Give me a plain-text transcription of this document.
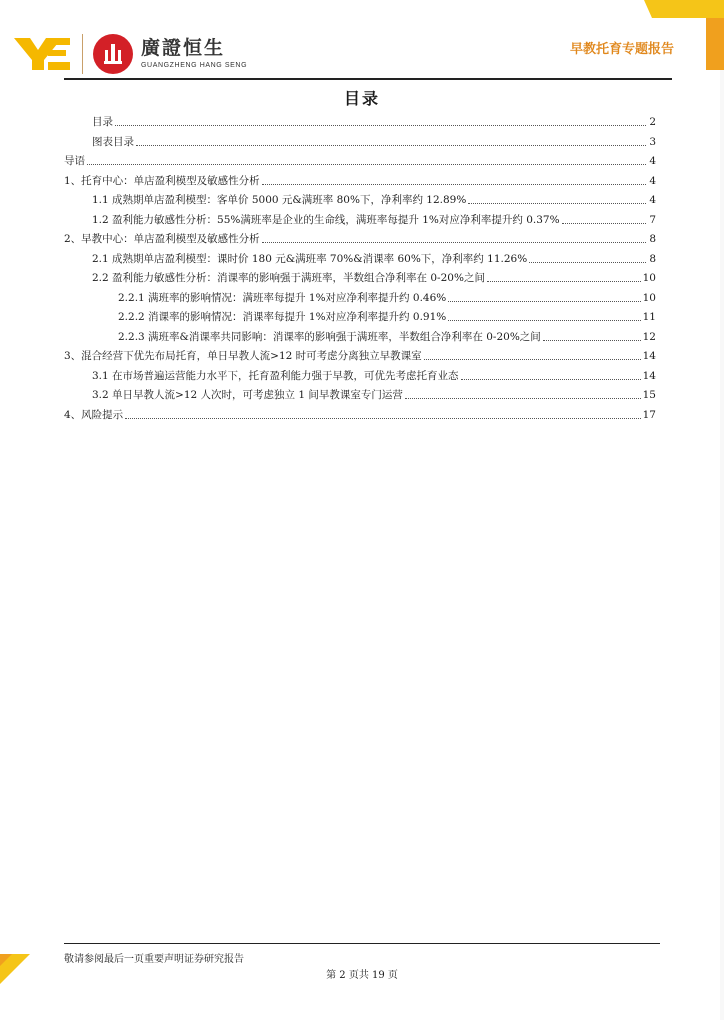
廣證恒生
GUANGZHENG HANG SENG
早教托育专题报告
目录
目录	2
图表目录	3
导语	4
1、托育中心：单店盈利模型及敏感性分析	4
1.1 成熟期单店盈利模型：客单价 5000 元&满班率 80%下，净利率约 12.89%	4
1.2 盈利能力敏感性分析：55%满班率是企业的生命线，满班率每提升 1%对应净利率提升约 0.37%	7
2、早教中心：单店盈利模型及敏感性分析	8
2.1 成熟期单店盈利模型：课时价 180 元&满班率 70%&消课率 60%下，净利率约 11.26%	8
2.2 盈利能力敏感性分析：消课率的影响强于满班率，半数组合净利率在 0-20%之间	10
2.2.1 满班率的影响情况：满班率每提升 1%对应净利率提升约 0.46%	10
2.2.2 消课率的影响情况：消课率每提升 1%对应净利率提升约 0.91%	11
2.2.3 满班率&消课率共同影响：消课率的影响强于满班率，半数组合净利率在 0-20%之间	12
3、混合经营下优先布局托育，单日早教人流>12 时可考虑分离独立早教课室	14
3.1 在市场普遍运营能力水平下，托育盈利能力强于早教，可优先考虑托育业态	14
3.2 单日早教人流>12 人次时，可考虑独立 1 间早教课室专门运营	15
4、风险提示	17
敬请参阅最后一页重要声明证券研究报告
第 2 页共 19 页
